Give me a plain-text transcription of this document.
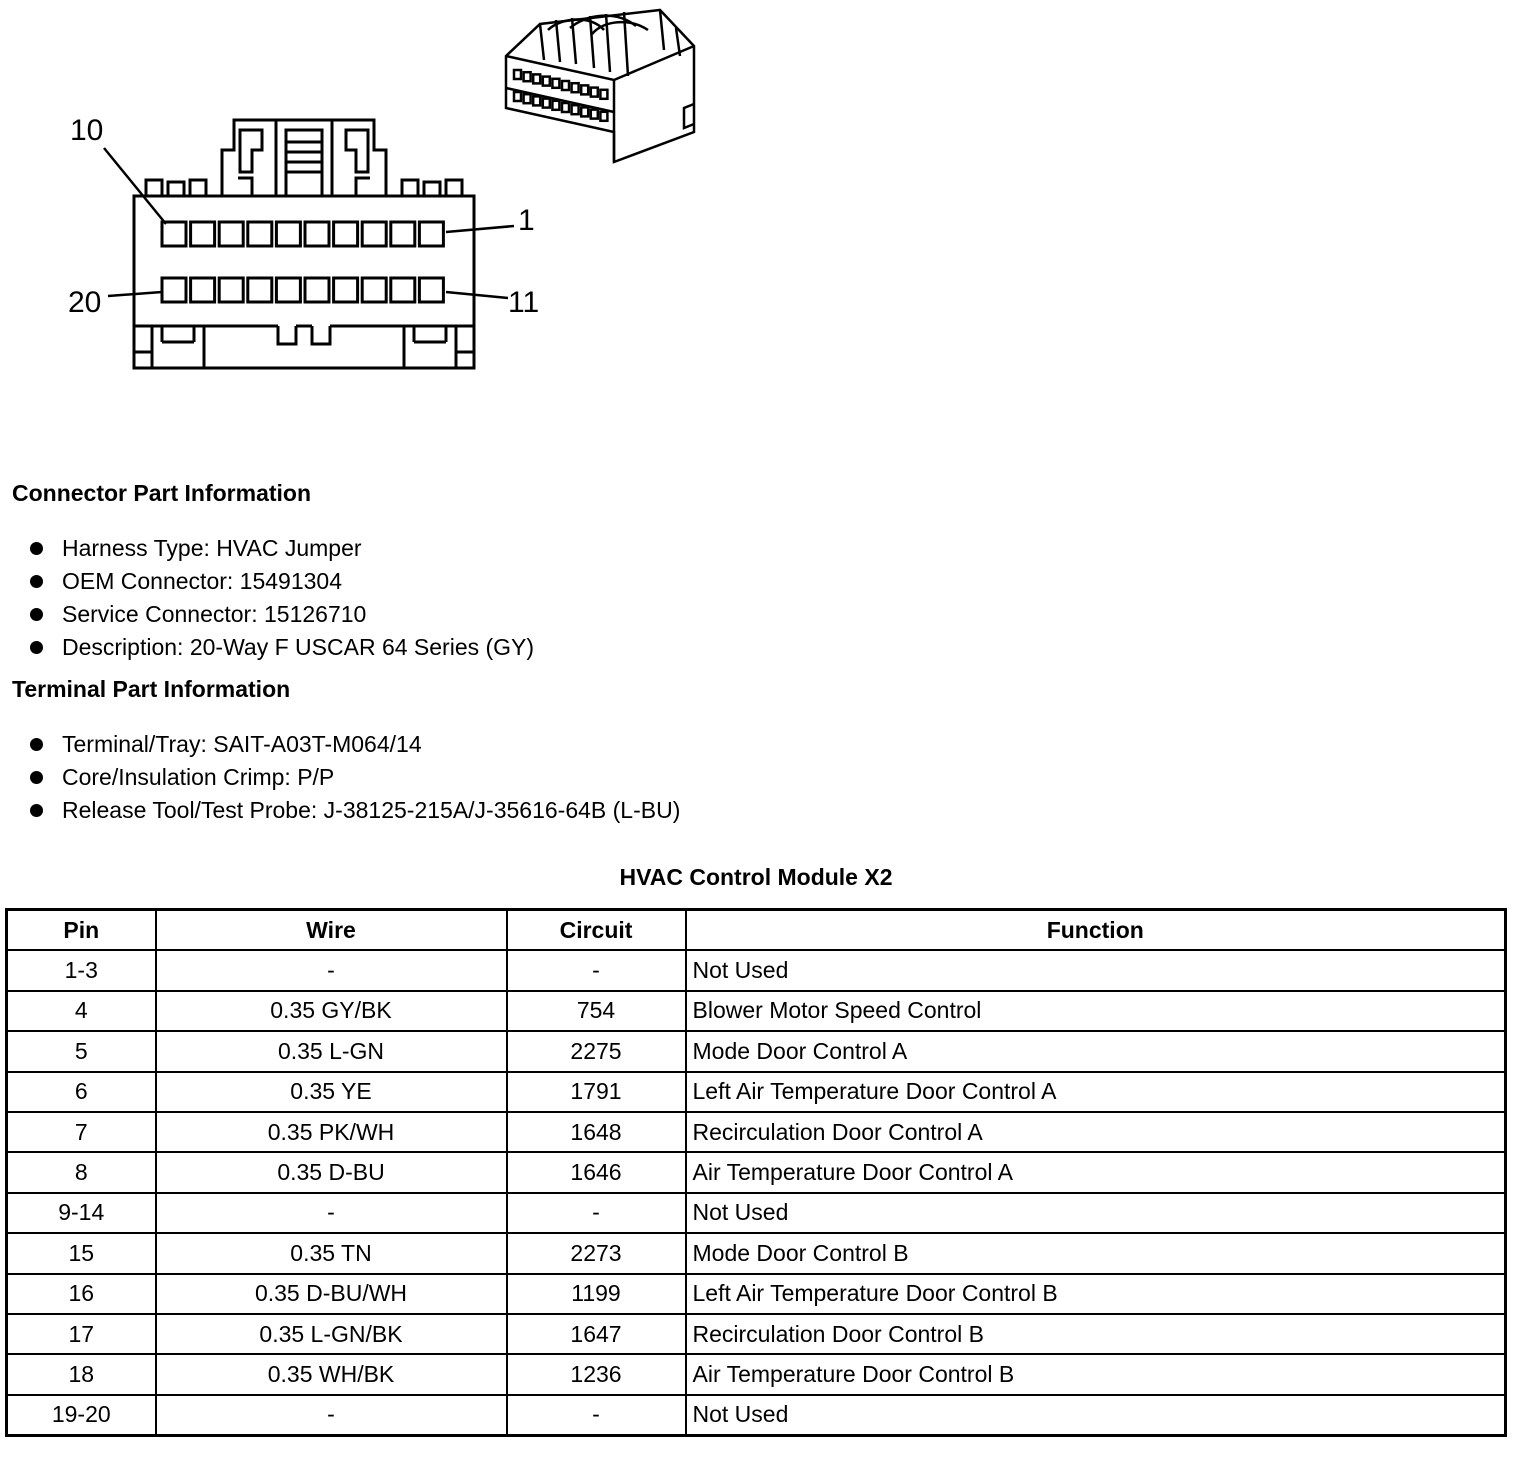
10
1
20	11
Connector Part Information
Harness Type: HVAC Jumper
OEM Connector: 15491304
Service Connector: 15126710
Description: 20-Way F USCAR 64 Series (GY)
Terminal Part Information
Terminal/Tray: SAIT-A03T-M064/14
Core/Insulation Crimp: P/P
Release Tool/Test Probe: J-38125-215A/J-35616-64B (L-BU)
HVAC Control Module X2
Pin	Wire	Circuit	Function
1-3	-	-	Not Used
4	0.35 GY/BK	754	Blower Motor Speed Control
5	0.35 L-GN	2275	Mode Door Control A
6	0.35 YE	1791	Left Air Temperature Door Control A
7	0.35 PK/WH	1648	Recirculation Door Control A
8	0.35 D-BU	1646	Air Temperature Door Control A
9-14	-	-	Not Used
15	0.35 TN	2273	Mode Door Control B
16	0.35 D-BU/WH	1199	Left Air Temperature Door Control B
17	0.35 L-GN/BK	1647	Recirculation Door Control B
18	0.35 WH/BK	1236	Air Temperature Door Control B
19-20	-	-	Not Used
